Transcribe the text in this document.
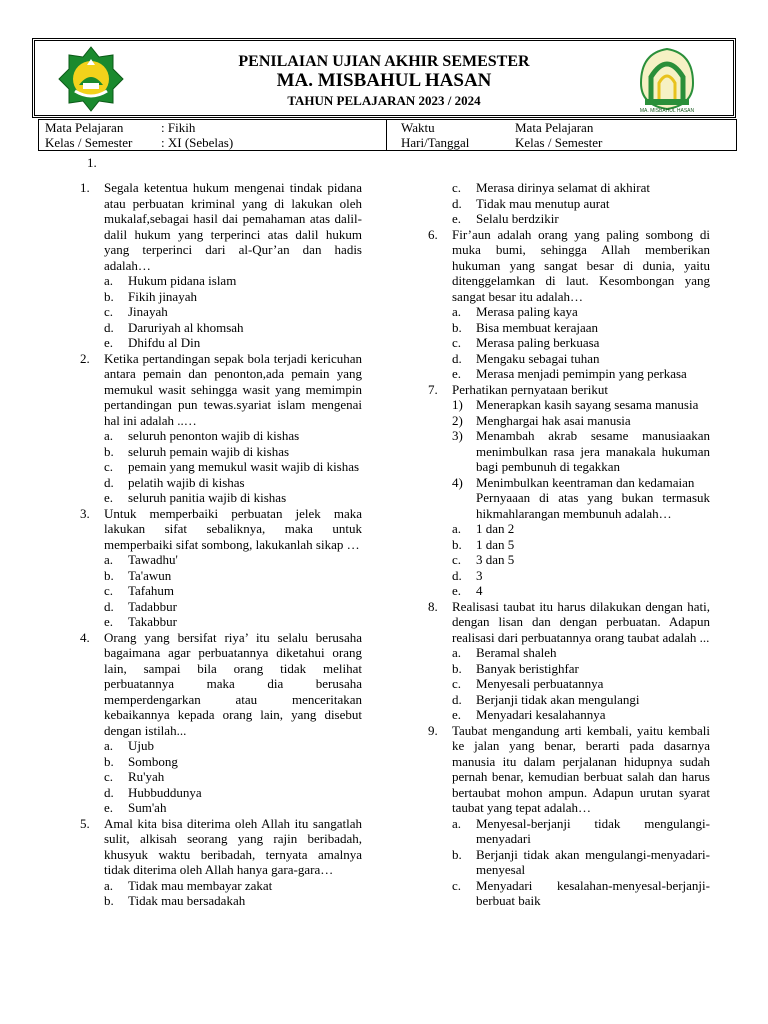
PENILAIAN UJIAN AKHIR SEMESTER
MA. MISBAHUL HASAN
TAHUN PELAJARAN 2023 / 2024
MA. MISBAHUL HASAN
Mata Pelajaran	: Fikih
Kelas / Semester : XI (Sebelas)
Waktu	Mata Pelajaran
Hari/Tanggal	Kelas / Semester
1.
1.	Segala ketentua hukum mengenai tindak pidana atau perbuatan kriminal yang di lakukan oleh mukalaf,sebagai hasil dai pemahaman atas dalil-dalil hukum yang terperinci atas dalil hukum yang terperinci dari al-Qur’an dan hadis adalah…
a.	Hukum pidana islam
b.	Fikih jinayah
c.	Jinayah
d.	Daruriyah al khomsah
e.	Dhifdu al Din
2.	Ketika pertandingan sepak bola terjadi kericuhan antara pemain dan penonton,ada pemain yang memukul wasit sehingga wasit yang memimpin pertandingan pun tewas.syariat islam mengenai hal ini adalah ..…
a.	seluruh penonton wajib di kishas
b.	seluruh pemain wajib di kishas
c.	pemain yang memukul wasit wajib di kishas
d.	pelatih wajib di kishas
e.	seluruh panitia wajib di kishas
3.	Untuk memperbaiki perbuatan jelek maka lakukan sifat sebaliknya, maka untuk memperbaiki sifat sombong, lakukanlah sikap …
a.	Tawadhu'
b.	Ta'awun
c.	Tafahum
d.	Tadabbur
e.	Takabbur
4.	Orang yang bersifat riya’ itu selalu berusaha bagaimana agar perbuatannya diketahui orang lain, sampai bila orang tidak melihat perbuatannya maka dia berusaha memperdengarkan atau menceritakan kebaikannya kepada orang lain, yang disebut dengan istilah...
a.	Ujub
b.	Sombong
c.	Ru'yah
d.	Hubbuddunya
e.	Sum'ah
5.	Amal kita bisa diterima oleh Allah itu sangatlah sulit, alkisah seorang yang rajin beribadah, khusyuk waktu beribadah, ternyata amalnya tidak diterima oleh Allah hanya gara-gara…
a.	Tidak mau membayar zakat
b.	Tidak mau bersadakah
c.	Merasa dirinya selamat di akhirat
d.	Tidak mau menutup aurat
e.	Selalu berdzikir
6.	Fir’aun adalah orang yang paling sombong di muka bumi, sehingga Allah memberikan hukuman yang sangat besar di dunia, yaitu ditenggelamkan di laut. Kesombongan yang sangat besar itu adalah…
a.	Merasa paling kaya
b.	Bisa membuat kerajaan
c.	Merasa paling berkuasa
d.	Mengaku sebagai tuhan
e.	Merasa menjadi pemimpin yang perkasa
7.	Perhatikan pernyataan berikut
1)	Menerapkan kasih sayang sesama manusia
2)	Menghargai hak asai manusia
3)	Menambah akrab sesame manusiaakan menimbulkan rasa jera manakala hukuman bagi pembunuh di tegakkan
4)	Menimbulkan keentraman dan kedamaian
Pernyaaan di atas yang bukan termasuk hikmahlarangan membunuh adalah…
a.	1 dan 2
b.	1 dan 5
c.	3 dan 5
d.	3
e.	4
8.	Realisasi taubat itu harus dilakukan dengan hati, dengan lisan dan dengan perbuatan. Adapun realisasi dari perbuatannya orang taubat adalah ...
a.	Beramal shaleh
b.	Banyak beristighfar
c.	Menyesali perbuatannya
d.	Berjanji tidak akan mengulangi
e.	Menyadari kesalahannya
9.	Taubat mengandung arti kembali, yaitu kembali ke jalan yang benar, berarti pada dasarnya manusia itu dalam perjalanan hidupnya sudah pernah benar, kemudian berbuat salah dan harus bertaubat mohon ampun. Adapun urutan syarat taubat yang tepat adalah…
a.	Menyesal-berjanji tidak mengulangi-menyadari
b.	Berjanji tidak akan mengulangi-menyadari-menyesal
c.	Menyadari kesalahan-menyesal-berjanji-berbuat baik
